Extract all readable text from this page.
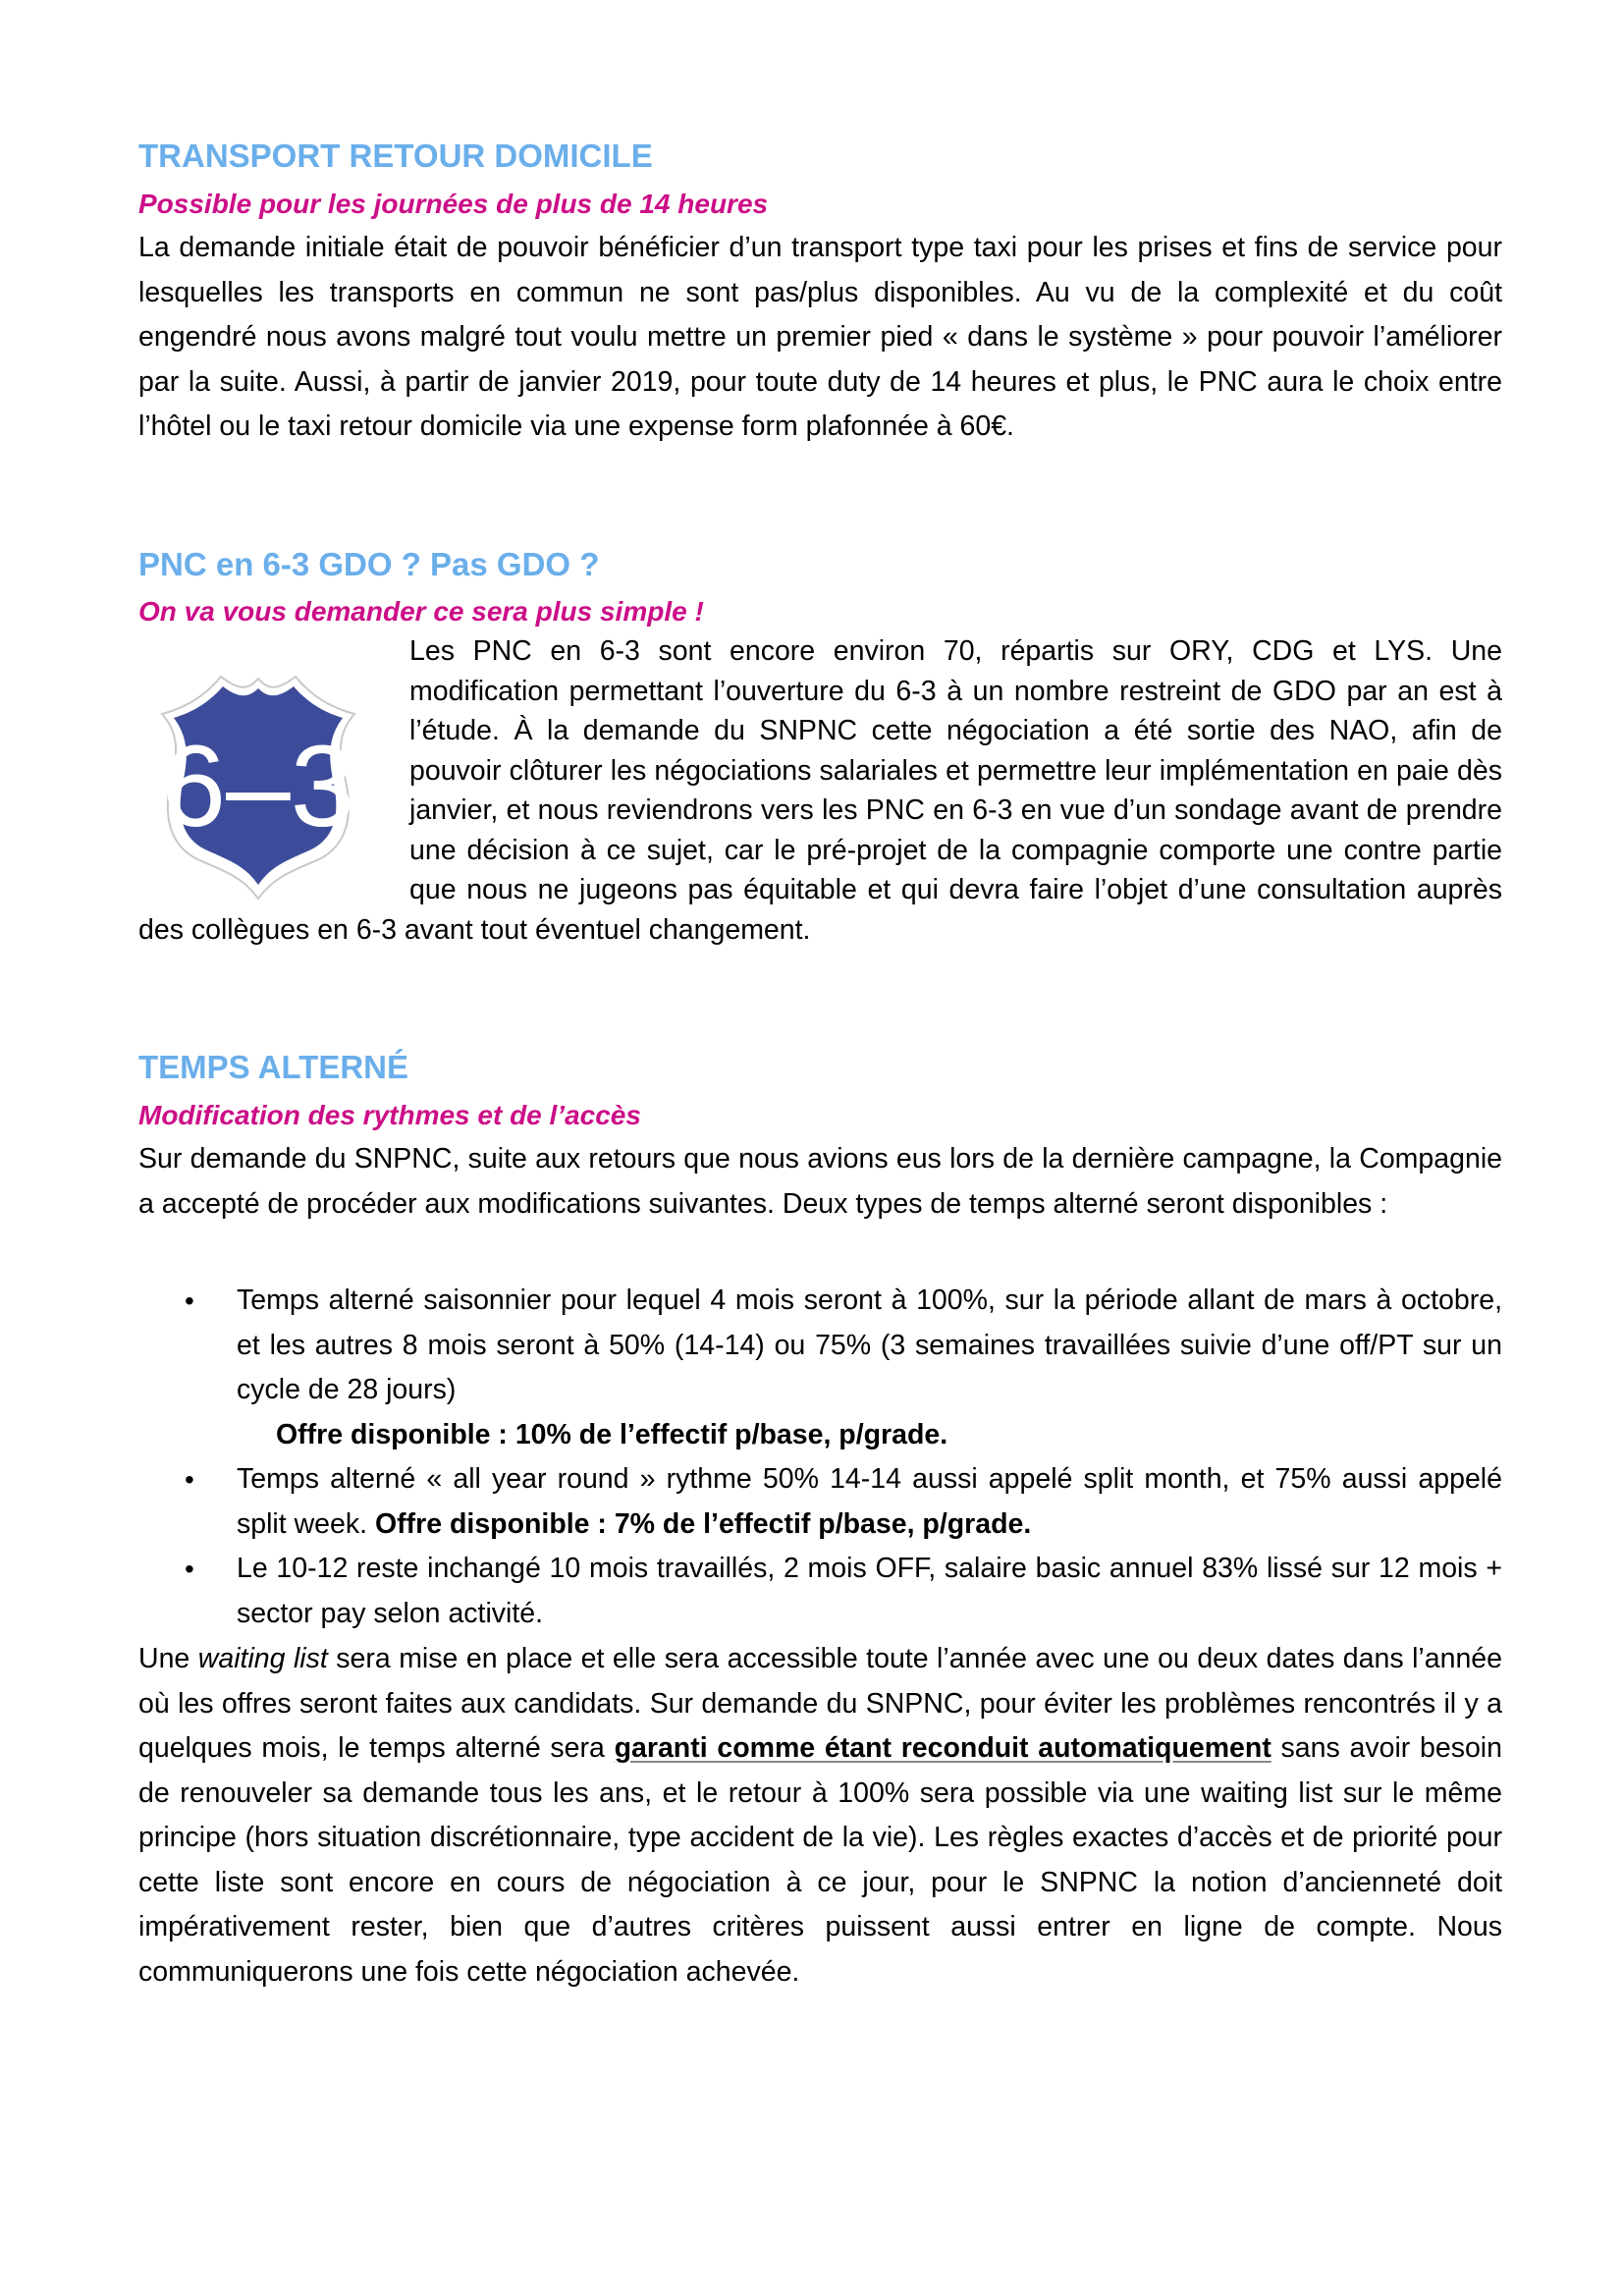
TRANSPORT RETOUR DOMICILE
Possible pour les journées de plus de 14 heures

La demande initiale était de pouvoir bénéficier d’un transport type taxi pour les prises et fins de service pour lesquelles les transports en commun ne sont pas/plus disponibles. Au vu de la complexité et du coût engendré nous avons malgré tout voulu mettre un premier pied « dans le système » pour pouvoir l’améliorer par la suite. Aussi, à partir de janvier 2019, pour toute duty de 14 heures et plus, le PNC aura le choix entre l’hôtel ou le taxi retour domicile via une expense form plafonnée à 60€.

PNC en 6-3 GDO ? Pas GDO ?
On va vous demander ce sera plus simple !
6–3

Les PNC en 6-3 sont encore environ 70, répartis sur ORY, CDG et LYS. Une modification permettant l’ouverture du 6-3 à un nombre restreint de GDO par an est à l’étude. À la demande du SNPNC cette négociation a été sortie des NAO, afin de pouvoir clôturer les négociations salariales et permettre leur implémentation en paie dès janvier, et nous reviendrons vers les PNC en 6-3 en vue d’un sondage avant de prendre une décision à ce sujet, car le pré-projet de la compagnie comporte une contre partie que nous ne jugeons pas équitable et qui devra faire l’objet d’une consultation auprès des collègues en 6-3 avant tout éventuel changement.

TEMPS ALTERNÉ
Modification des rythmes et de l’accès

Sur demande du SNPNC, suite aux retours que nous avions eus lors de la dernière campagne, la Compagnie a accepté de procéder aux modifications suivantes. Deux types de temps alterné seront disponibles :

• Temps alterné saisonnier pour lequel 4 mois seront à 100%, sur la période allant de mars à octobre, et les autres 8 mois seront à 50% (14-14) ou 75% (3 semaines travaillées suivie d’une off/PT sur un cycle de 28 jours)
Offre disponible : 10% de l’effectif p/base, p/grade.
• Temps alterné « all year round » rythme 50% 14-14 aussi appelé split month, et 75% aussi appelé split week. Offre disponible : 7% de l’effectif p/base, p/grade.
• Le 10-12 reste inchangé 10 mois travaillés, 2 mois OFF, salaire basic annuel 83% lissé sur 12 mois + sector pay selon activité.

Une waiting list sera mise en place et elle sera accessible toute l’année avec une ou deux dates dans l’année où les offres seront faites aux candidats. Sur demande du SNPNC, pour éviter les problèmes rencontrés il y a quelques mois, le temps alterné sera garanti comme étant reconduit automatiquement sans avoir besoin de renouveler sa demande tous les ans, et le retour à 100% sera possible via une waiting list sur le même principe (hors situation discrétionnaire, type accident de la vie). Les règles exactes d’accès et de priorité pour cette liste sont encore en cours de négociation à ce jour, pour le SNPNC la notion d’ancienneté doit impérativement rester, bien que d’autres critères puissent aussi entrer en ligne de compte. Nous communiquerons une fois cette négociation achevée.
